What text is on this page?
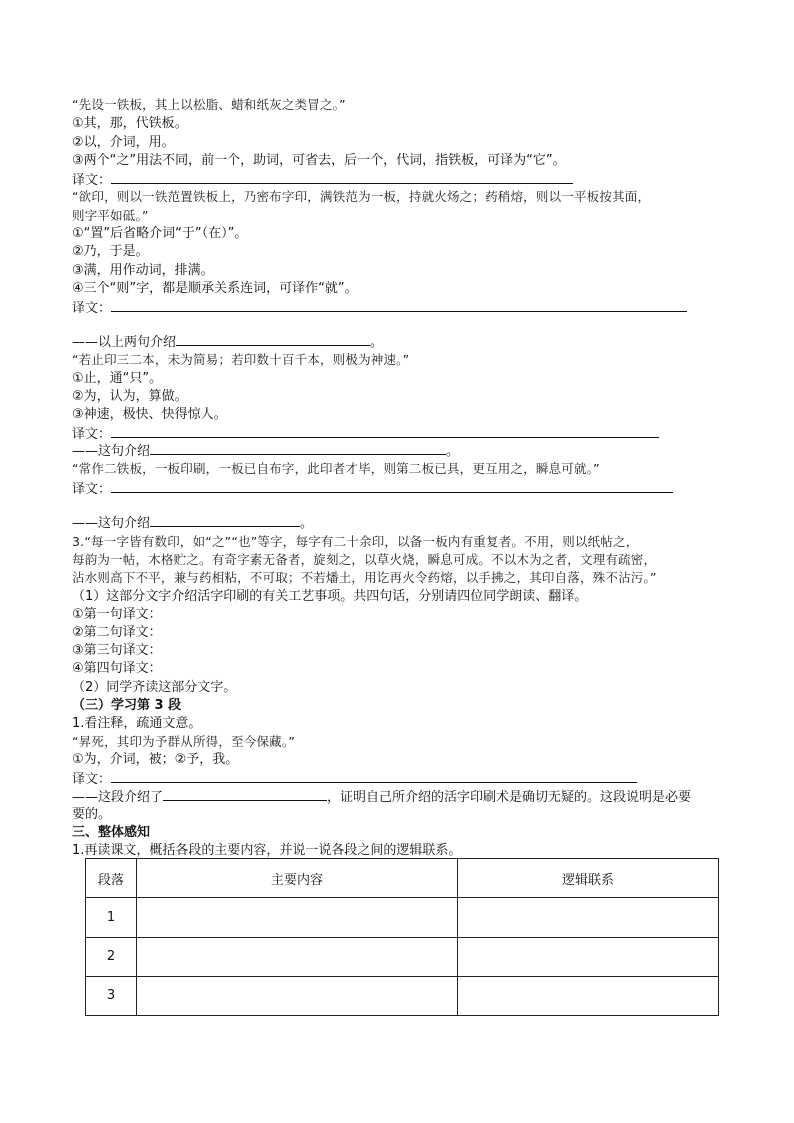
“先设一铁板，其上以松脂、蜡和纸灰之类冒之。”
①其，那，代铁板。
②以，介词，用。
③两个“之”用法不同，前一个，助词，可省去，后一个，代词，指铁板，可译为“它”。
译文：
“欲印，则以一铁范置铁板上，乃密布字印，满铁范为一板，持就火炀之；药稍熔，则以一平板按其面，
则字平如砥。”
①“置”后省略介词“于”（在）”。
②乃，于是。
③满，用作动词，排满。
④三个“则”字，都是顺承关系连词，可译作“就”。
译文：
——以上两句介绍	。
“若止印三二本，未为简易；若印数十百千本，则极为神速。”
①止，通“只”。
②为，认为，算做。
③神速，极快、快得惊人。
译文：
——这句介绍	。
“常作二铁板，一板印刷，一板已自布字，此印者才毕，则第二板已具，更互用之，瞬息可就。”
译文：
——这句介绍	。
3.“每一字皆有数印，如“之”“也”等字，每字有二十余印，以备一板内有重复者。不用，则以纸帖之，
每韵为一帖，木格贮之。有奇字素无备者，旋刻之，以草火烧，瞬息可成。不以木为之者，文理有疏密，
沾水则高下不平，兼与药相粘，不可取；不若燔土，用讫再火令药熔，以手拂之，其印自落，殊不沾污。”
（1）这部分文字介绍活字印刷的有关工艺事项。共四句话，分别请四位同学朗读、翻译。
①第一句译文：
②第二句译文：
③第三句译文：
④第四句译文：
（2）同学齐读这部分文字。
（三）学习第 3 段
1.看注释，疏通文意。
“昇死，其印为予群从所得，至今保藏。”
①为，介词，被；②予，我。
译文：
——这段介绍了	，证明自己所介绍的活字印刷术是确切无疑的。这段说明是必要
要的。
三、整体感知
1.再读课文，概括各段的主要内容，并说一说各段之间的逻辑联系。
段落	主要内容	逻辑联系
1		
2		
3		
